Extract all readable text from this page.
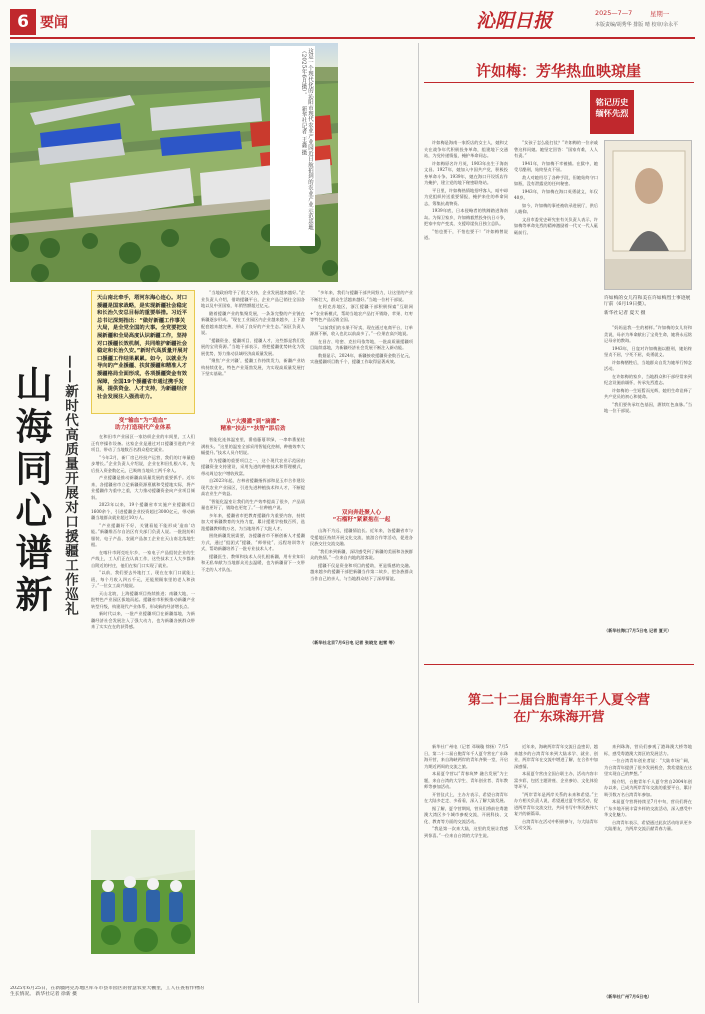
6 要闻	沁阳日报	2025—7—7	星期一
本版责编/胡秀华 排版 晴 校审/余永平
这是一个现代化的沁阳市现代农业产业园近日航拍到的农业产业示范基地（2025年6月摄）。 新华社记者 王鑫 摄
山海同心谱新 ——新时代高质量开展对口援疆工作巡礼
天山南北牵手，塔河东海心连心。对口援疆是国家战略，是实现新疆社会稳定和长治久安总目标的重要举措。习近平总书记深刻指出：“做好新疆工作事关大局，是全党全国的大事。全党要把发展新疆和全局高度认识新疆工作，坚持对口援疆长效机制，共同维护新疆社会稳定和长治久安。”新时代高质量开展对口援疆工作结果累累。如今，以就业为导向的产业援疆、扶贫援疆和精准人才援疆格局全面形成，各项援疆资金有效保障，全国19个援疆省市通过携手发展，提供资金、人才支持，为新疆经济社会发展注入强劲动力。
变“输血”为“造血”
助力打造现代产业体系

在和田市产业园区一家纺织企业的车间里，工人们正有序操作设备。这家企业是通过对口援疆引进的产业项目，带动了当地数百名群众稳定就业。

“今年2月，新厂房已经投产运营，我们的订单量稳步增长。”企业负责人介绍说，企业在和田扎根八年，先后投入资金数亿元，已吸纳当地员工两千余人。

产业援疆是推动新疆高质量发展的重要抓手。近年来，各援疆省市立足新疆资源禀赋和受援地实际，将产业援疆作为重中之重，大力推动援疆资金向产业项目倾斜。

2023年以来，19个援疆省市实施产业援疆项目1600余个，引进援疆企业投资超过3000亿元，带动新疆当地群众就业超过10万人。

“产业援疆好不好，关键看能不能形成‘造血’功能。”新疆维吾尔自治区有关部门负责人说。一批批纺织服装、电子产品、农副产品加工企业在天山南北落地生根。

在喀什市阿克吐尔乡，一家电子产品组装企业的生产线上，工人们正在认真工作，这些技术工人大多都来自附近的村庄，他们在家门口实现了就业。

“以前，我们要去外地打工，现在在家门口就能上班，每个月收入四五千元，还能照顾家里的老人和孩子。”一位女工高兴地说。

天山北坡，上海援疆项目持续推进；南疆大地，一批特色产业园区拔地而起。援疆省市积极推动新疆产业转型升级，构建现代产业体系，形成新的经济增长点。

新时代以来，一批产业援疆项目在新疆落地，为新疆经济社会发展注入了强大动力，也为新疆各族群众带来了实实在在的获得感。

“当地政府给予了很大支持，企业发展越来越好。”企业负责人介绍，借助援疆平台，企业产品已销往全国各地以及中亚国家，年销售额超过亿元。

随着援疆产业的集聚发展，一条条完整的产业链在新疆逐步形成。“现在工业园区内企业越来越多，上下游配套越来越完善，形成了良好的产业生态。”园区负责人说。

“援疆资金、援疆项目、援疆人才，这些都是我们发展的宝贵资源。”当地干部表示，将把援疆优势转化为发展优势，努力推动县域经济高质量发展。

“聚焦‘产业兴疆’，援疆工作持续发力，新疆产业结构持续优化，特色产业蓬勃发展，为实现高质量发展打下坚实基础。”

从“大漫灌”到“滴灌”
精准“扶志”“扶智”添后劲

智能化连体温室里，番茄藤蔓翠绿，一串串番茄挂满枝头。“这里的温室全部采用智能化控制，种植效率大幅提升。”技术人员介绍说。

作为援疆的重要项目之一，这个现代农业示范园由援疆资金支持建设，采用先进的种植技术和管理模式，带动周边农户增收致富。

自2023年起，吉林省援疆指挥部和昆玉市合作建设现代农业产业园区，引进先进种植技术和人才，不断提高农业生产效益。

“智能化温室让我们的生产效率提高了很多，产品质量也更好了，销路也更宽了。”一位种植户说。

多年来，援疆省市把教育援疆作为重要内容，持续加大对新疆教育的支持力度，累计援建学校数百所，选派援疆教师数万名，为当地培养了大批人才。

围绕新疆发展需要，各援疆省市不断创新人才援疆方式，通过“组团式”援疆、“师带徒”、远程培训等方式，帮助新疆培养了一批专业技术人才。

援疆医生、教师和技术人员扎根新疆，用专业知识和无私奉献为当地群众送去温暖，也为新疆留下一支带不走的人才队伍。

“多年来，我们与援疆干部共同努力，让这里的产业不断壮大，群众生活越来越好。”当地一位村干部说。

在阿克苏地区，浙江援疆干部积极探索“互联网+”农业新模式，帮助当地农产品打开销路，苹果、红枣等特色产品远销全国。

“以前我们的水果不好卖，现在通过电商平台，订单源源不断，收入也比以前高多了。”一位果农高兴地说。

在昌吉、哈密、克拉玛依等地，一批高质量援疆项目陆续落地，为新疆经济社会发展不断注入新动能。

数据显示，2024年，新疆接收援疆资金数百亿元，实施援疆项目数千个，援疆工作取得显著成效。

双向奔赴聚人心
“石榴籽”紧紧抱在一起

山海不为远，援疆情谊长。近年来，各援疆省市与受援地区持续开展文化交流、旅游合作等活动，促进各民族交往交流交融。

“我们来到新疆，深切感受到了新疆的美丽和各族群众的热情。”一位来自内地的游客说。

援疆不仅是资金和项目的援助，更是情感的交融。越来越多的援疆干部把新疆当作第二故乡，把各族群众当作自己的亲人，与当地群众结下了深厚情谊。

（新华社北京7月6日电 记者 张晓龙 赵雪 等）
2025年6月25日，在新疆阿克苏地区库车市县市园区的智慧农业大棚里，工人在查看作物的生长情况。 新华社记者 徐新 摄
许如梅：芳华热血映琼崖
铭记历史
缅怀先烈

许如梅是海南一家饭店的女主人，她和丈夫在战争年代积极投身革命，组建地下交通站，为党传递情报，掩护革命同志。

许如梅原名许月英，1903年出生于海南文昌。1927年，她加入中国共产党，积极投身革命斗争。1939年，她在海口开设饭店作为掩护，建立党的地下秘密联络站。

平日里，许如梅热情地招呼客人，暗中却为党组织传送重要情报，掩护来往的革命同志，筹集抗战物资。

1939年底，日本侵略者的铁蹄踏进海南岛。为保卫家乡，许如梅毅然投身抗日斗争，把家中房产变卖，支援琼崖抗日独立总队。

“怕也要干，不怕也要干！”许如梅曾说道。

“女孩子怎么能打仗？”许如梅的一位亲戚曾这样问她。她坚定回答：“国家有难，人人有责。”

1941年，许如梅不幸被捕。在狱中，她受尽酷刑，始终坚贞不屈。

敌人对她用尽了各种手段，但她始终守口如瓶，没有泄露党的任何秘密。

1943年，许如梅在海口英勇就义，年仅40岁。

如今，许如梅的事迹被收录进展厅，供后人瞻仰。

文昌市委党史研究室有关负责人表示，许如梅等革命先烈的精神激励着一代又一代人砥砺前行。

许如梅的女儿符和美在许如梅烈士事迹展厅前（6月19日摄）。
新华社记者 夏天 摄

“妈妈是我一生的榜样。”许如梅的女儿符和美说，母亲为革命献出了宝贵生命，她将永远铭记母亲的教诲。

1943年，日寇对许如梅施以酷刑，她始终坚贞不屈，宁死不屈，英勇就义。

许如梅牺牲后，当地群众自发为她举行悼念活动。

在许如梅的家乡，当地群众和干部经常来到纪念设施前缅怀，传承先烈遗志。

许如梅的一生短暂而光辉，她用生命诠释了共产党员的初心和使命。

“我们要传承红色基因，赓续红色血脉。”当地一位干部说。

（新华社海口7月5日电 记者 夏天）
第二十二届台胞青年千人夏令营
在广东珠海开营

新华社广州电（记者 邓瑞璇 徐扬）7月5日，第二十二届台胞青年千人夏令营在广东珠海开营，来自海峡两岸的青年齐聚一堂，开启为期近两周的交流之旅。

本届夏令营以“青春筑梦 融合发展”为主题，来自台湾的大学生、青年创业者、青年教师等参加活动。

开营仪式上，主办方表示，希望台湾青年在大陆多走走、多看看，深入了解大陆发展。

据了解，夏令营期间，营员们将前往粤港澳大湾区多个城市参观交流，开展科技、文化、教育等方面的交流活动。

“我是第一次来大陆，这里的发展让我感到惊喜。”一位来自台湾的大学生说。

近年来，海峡两岸青年交流日益密切，越来越多的台湾青年来到大陆求学、就业、创业，两岸青年在交流中增进了解，在合作中加深感情。

本届夏令营由全国台联主办，活动内容丰富多彩，包括主题讲座、企业参访、文化体验等环节。

“两岸青年是两岸关系的未来和希望。”主办方相关负责人说，希望通过夏令营活动，促进两岸青年交流交往，共同书写中华民族伟大复兴的新篇章。

台湾青年在活动中积极参与，与大陆青年互动交流。

来到珠海，营员们参观了港珠澳大桥等地标，感受粤港澳大湾区的发展活力。

一位台湾青年创业者说：“大陆市场广阔，为台湾青年提供了很多发展机会，我希望能在这里实现自己的梦想。”

据介绍，台胞青年千人夏令营自2004年创办以来，已成为两岸青年交流的重要平台，累计吸引数万名台湾青年参加。

本届夏令营将持续至7月中旬，营员们将在广东多地开展丰富多样的交流活动，深入感受中华文化魅力。

台湾青年表示，希望通过此次活动结识更多大陆朋友，为两岸交流贡献青春力量。

（新华社广州7月6日电）
